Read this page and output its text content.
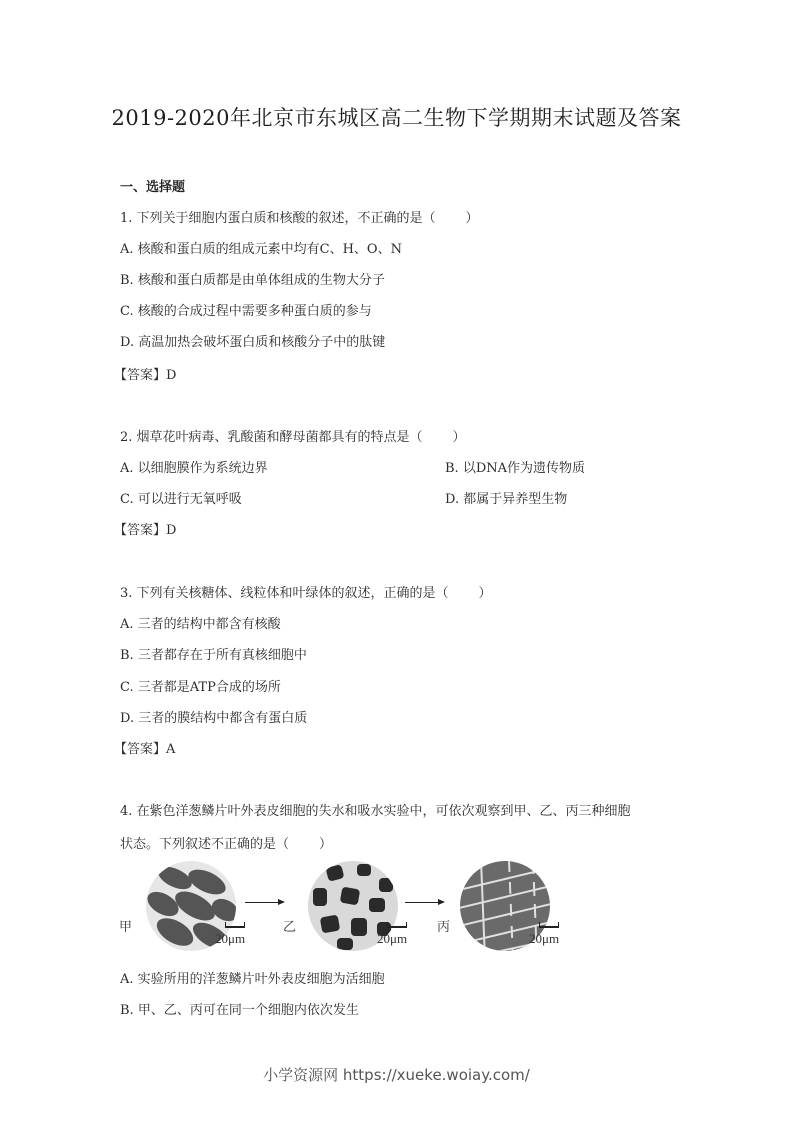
2019-2020年北京市东城区高二生物下学期期末试题及答案
一、选择题
1. 下列关于细胞内蛋白质和核酸的叙述，不正确的是（ ）
A. 核酸和蛋白质的组成元素中均有C、H、O、N
B. 核酸和蛋白质都是由单体组成的生物大分子
C. 核酸的合成过程中需要多种蛋白质的参与
D. 高温加热会破坏蛋白质和核酸分子中的肽键
【答案】D
2. 烟草花叶病毒、乳酸菌和酵母菌都具有的特点是（ ）
A. 以细胞膜作为系统边界	B. 以DNA作为遗传物质
C. 可以进行无氧呼吸	D. 都属于异养型生物
【答案】D
3. 下列有关核糖体、线粒体和叶绿体的叙述，正确的是（ ）
A. 三者的结构中都含有核酸
B. 三者都存在于所有真核细胞中
C. 三者都是ATP合成的场所
D. 三者的膜结构中都含有蛋白质
【答案】A
4. 在紫色洋葱鳞片叶外表皮细胞的失水和吸水实验中，可依次观察到甲、乙、丙三种细胞
状态。下列叙述不正确的是（ ）
甲
20μm
乙
20μm
丙
20μm
A. 实验所用的洋葱鳞片叶外表皮细胞为活细胞
B. 甲、乙、丙可在同一个细胞内依次发生
小学资源网 https://xueke.woiay.com/
